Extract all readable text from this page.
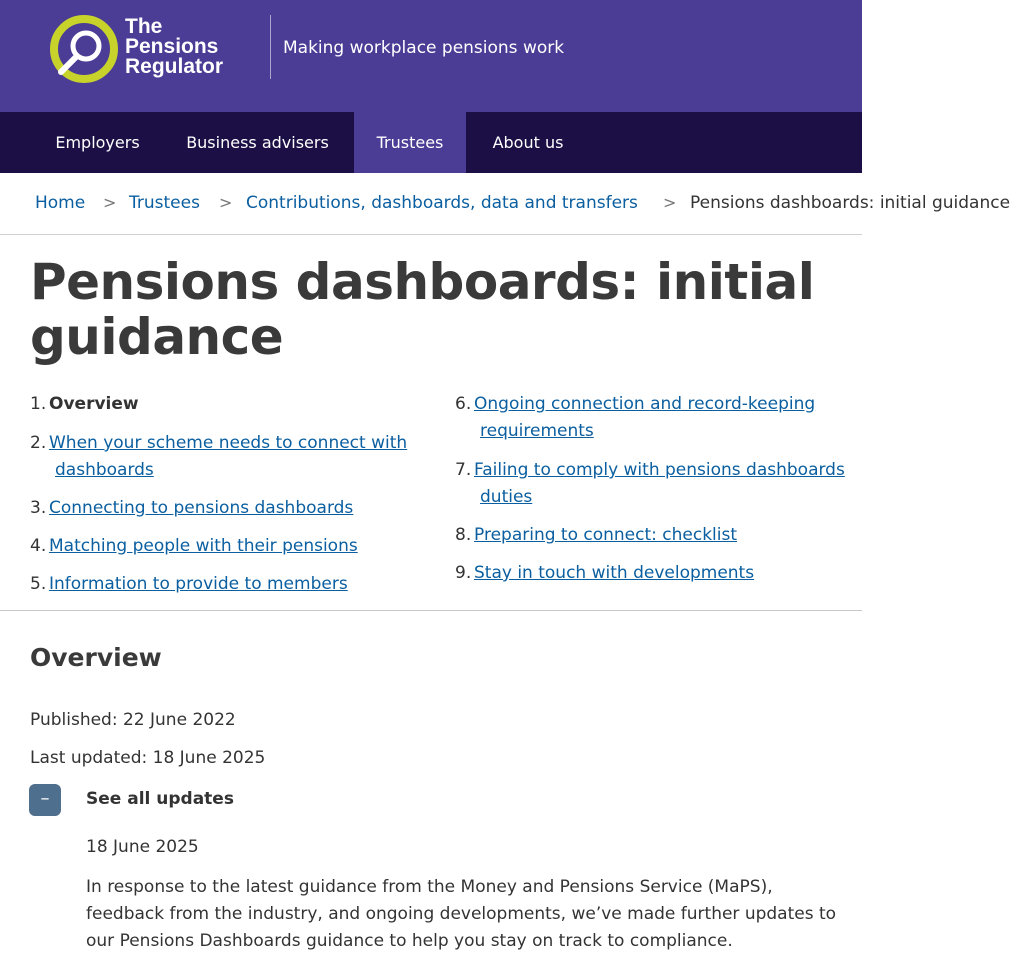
The
Pensions
Regulator
Making workplace pensions work
Employers	Business advisers	Trustees	About us
Home > Trustees > Contributions, dashboards, data and transfers > Pensions dashboards: initial guidance
Pensions dashboards: initial guidance
1. Overview
2. When your scheme needs to connect with
dashboards
3. Connecting to pensions dashboards
4. Matching people with their pensions
5. Information to provide to members
6. Ongoing connection and record-keeping
requirements
7. Failing to comply with pensions dashboards
duties
8. Preparing to connect: checklist
9. Stay in touch with developments
Overview
Published: 22 June 2022
Last updated: 18 June 2025
–	See all updates
18 June 2025

In response to the latest guidance from the Money and Pensions Service (MaPS), feedback from the industry, and ongoing developments, we’ve made further updates to our Pensions Dashboards guidance to help you stay on track to compliance.
